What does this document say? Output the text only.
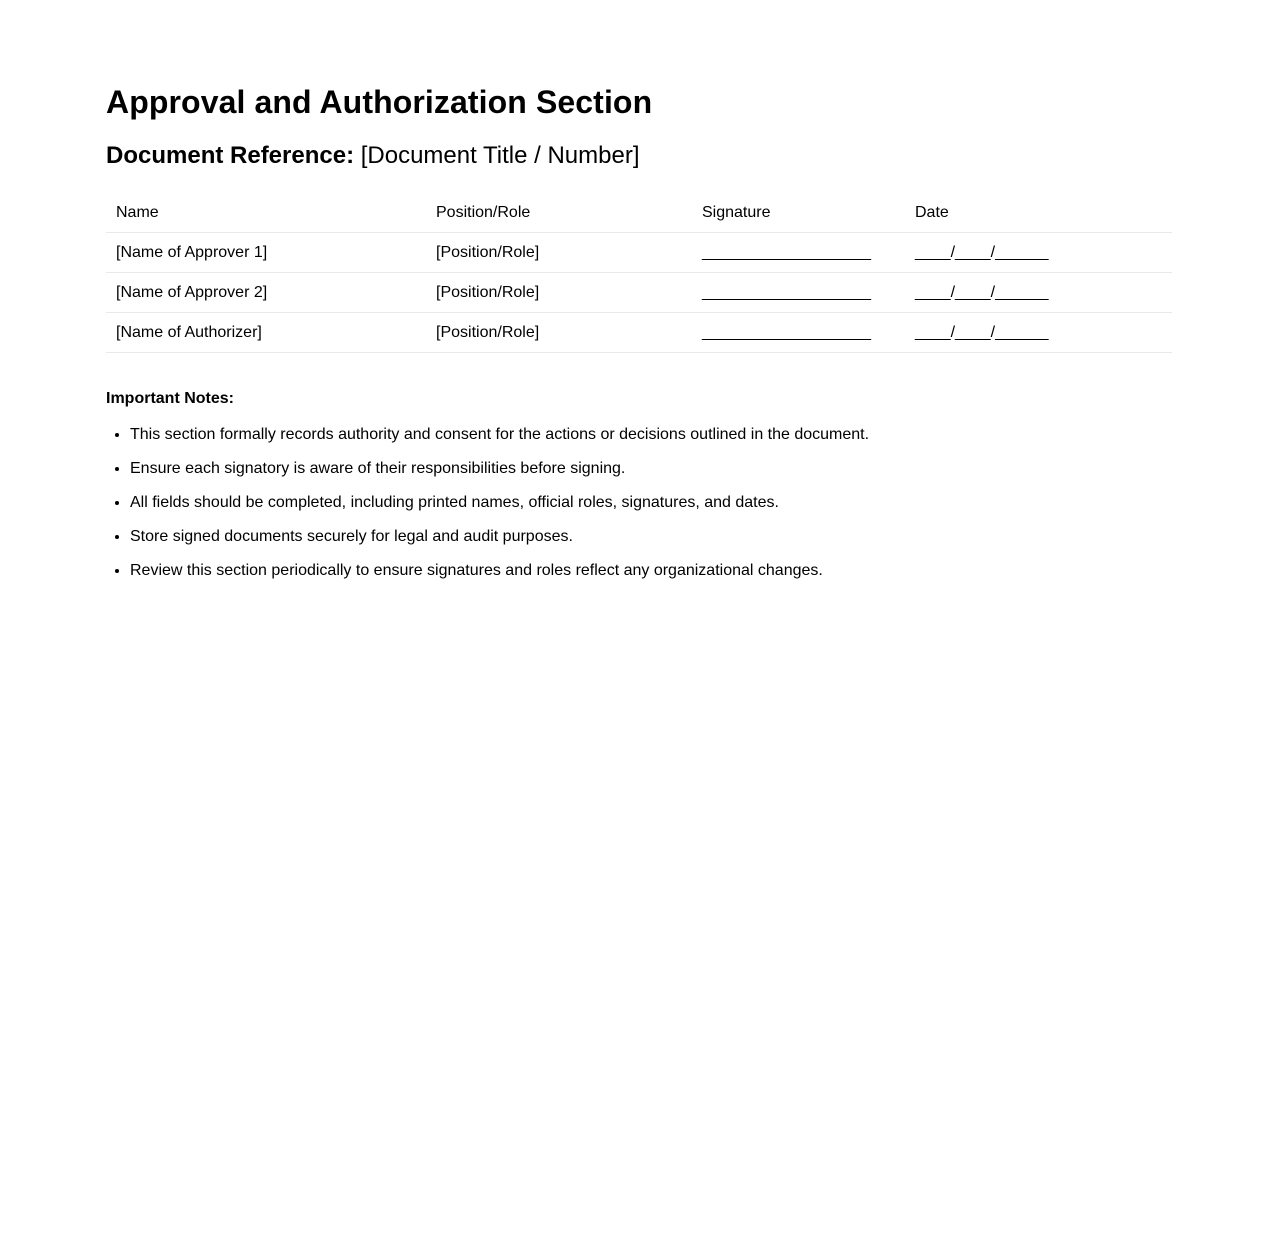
Approval and Authorization Section
Document Reference: [Document Title / Number]
Name	Position/Role	Signature	Date
[Name of Approver 1]	[Position/Role]	___________________	____/____/______
[Name of Approver 2]	[Position/Role]	___________________	____/____/______
[Name of Authorizer]	[Position/Role]	___________________	____/____/______
Important Notes:
• This section formally records authority and consent for the actions or decisions outlined in the document.
• Ensure each signatory is aware of their responsibilities before signing.
• All fields should be completed, including printed names, official roles, signatures, and dates.
• Store signed documents securely for legal and audit purposes.
• Review this section periodically to ensure signatures and roles reflect any organizational changes.
